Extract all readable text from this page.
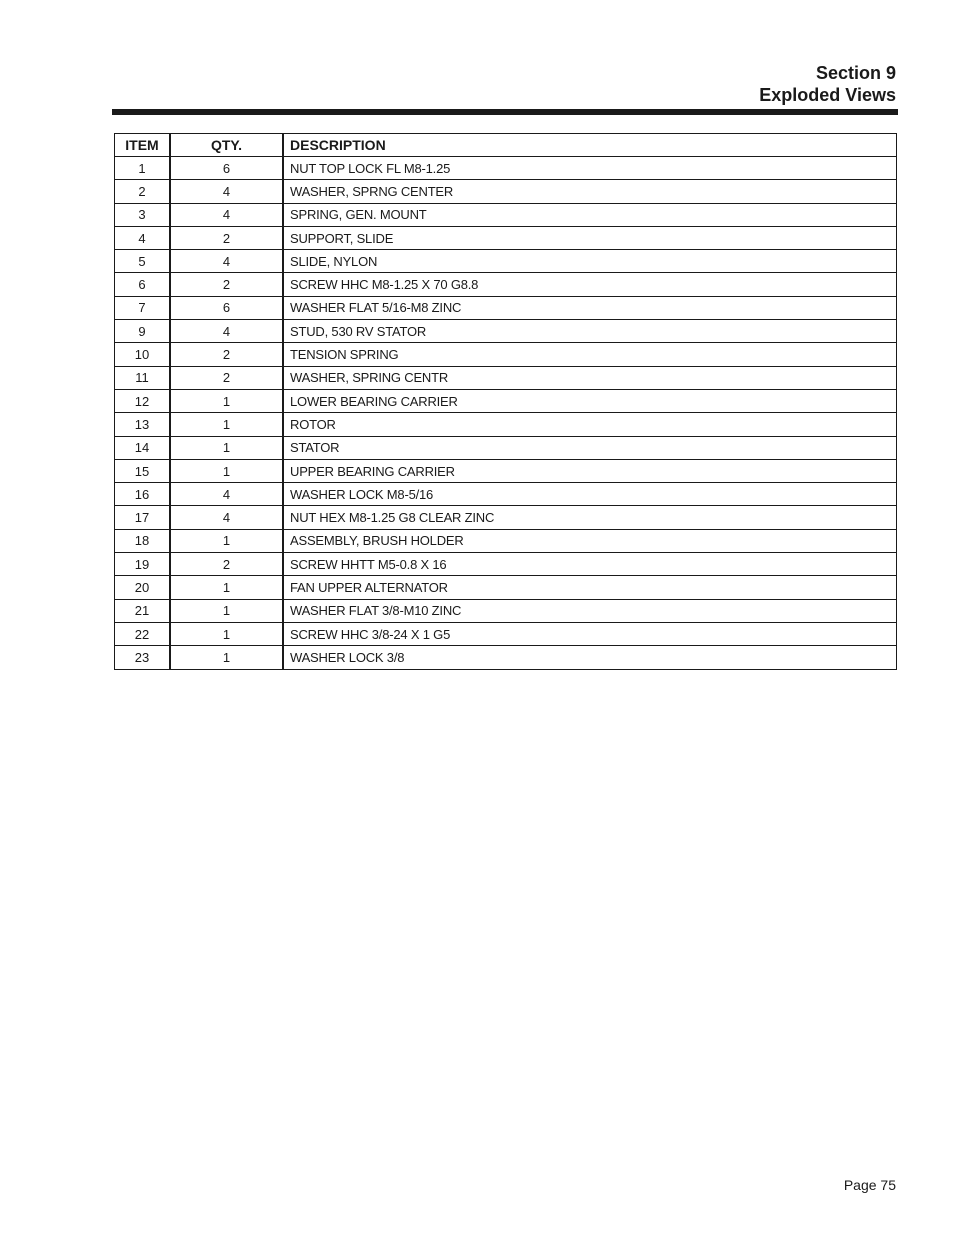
Section 9
Exploded Views
ITEM	QTY.	DESCRIPTION
1	6	NUT TOP LOCK FL M8-1.25
2	4	WASHER, SPRNG CENTER
3	4	SPRING, GEN. MOUNT
4	2	SUPPORT, SLIDE
5	4	SLIDE, NYLON
6	2	SCREW HHC M8-1.25 X 70 G8.8
7	6	WASHER FLAT 5/16-M8 ZINC
9	4	STUD, 530 RV STATOR
10	2	TENSION SPRING
11	2	WASHER, SPRING CENTR
12	1	LOWER BEARING CARRIER
13	1	ROTOR
14	1	STATOR
15	1	UPPER BEARING CARRIER
16	4	WASHER LOCK M8-5/16
17	4	NUT HEX M8-1.25 G8 CLEAR ZINC
18	1	ASSEMBLY, BRUSH HOLDER
19	2	SCREW HHTT M5-0.8 X 16
20	1	FAN UPPER ALTERNATOR
21	1	WASHER FLAT 3/8-M10 ZINC
22	1	SCREW HHC 3/8-24 X 1 G5
23	1	WASHER LOCK 3/8
Page 75
